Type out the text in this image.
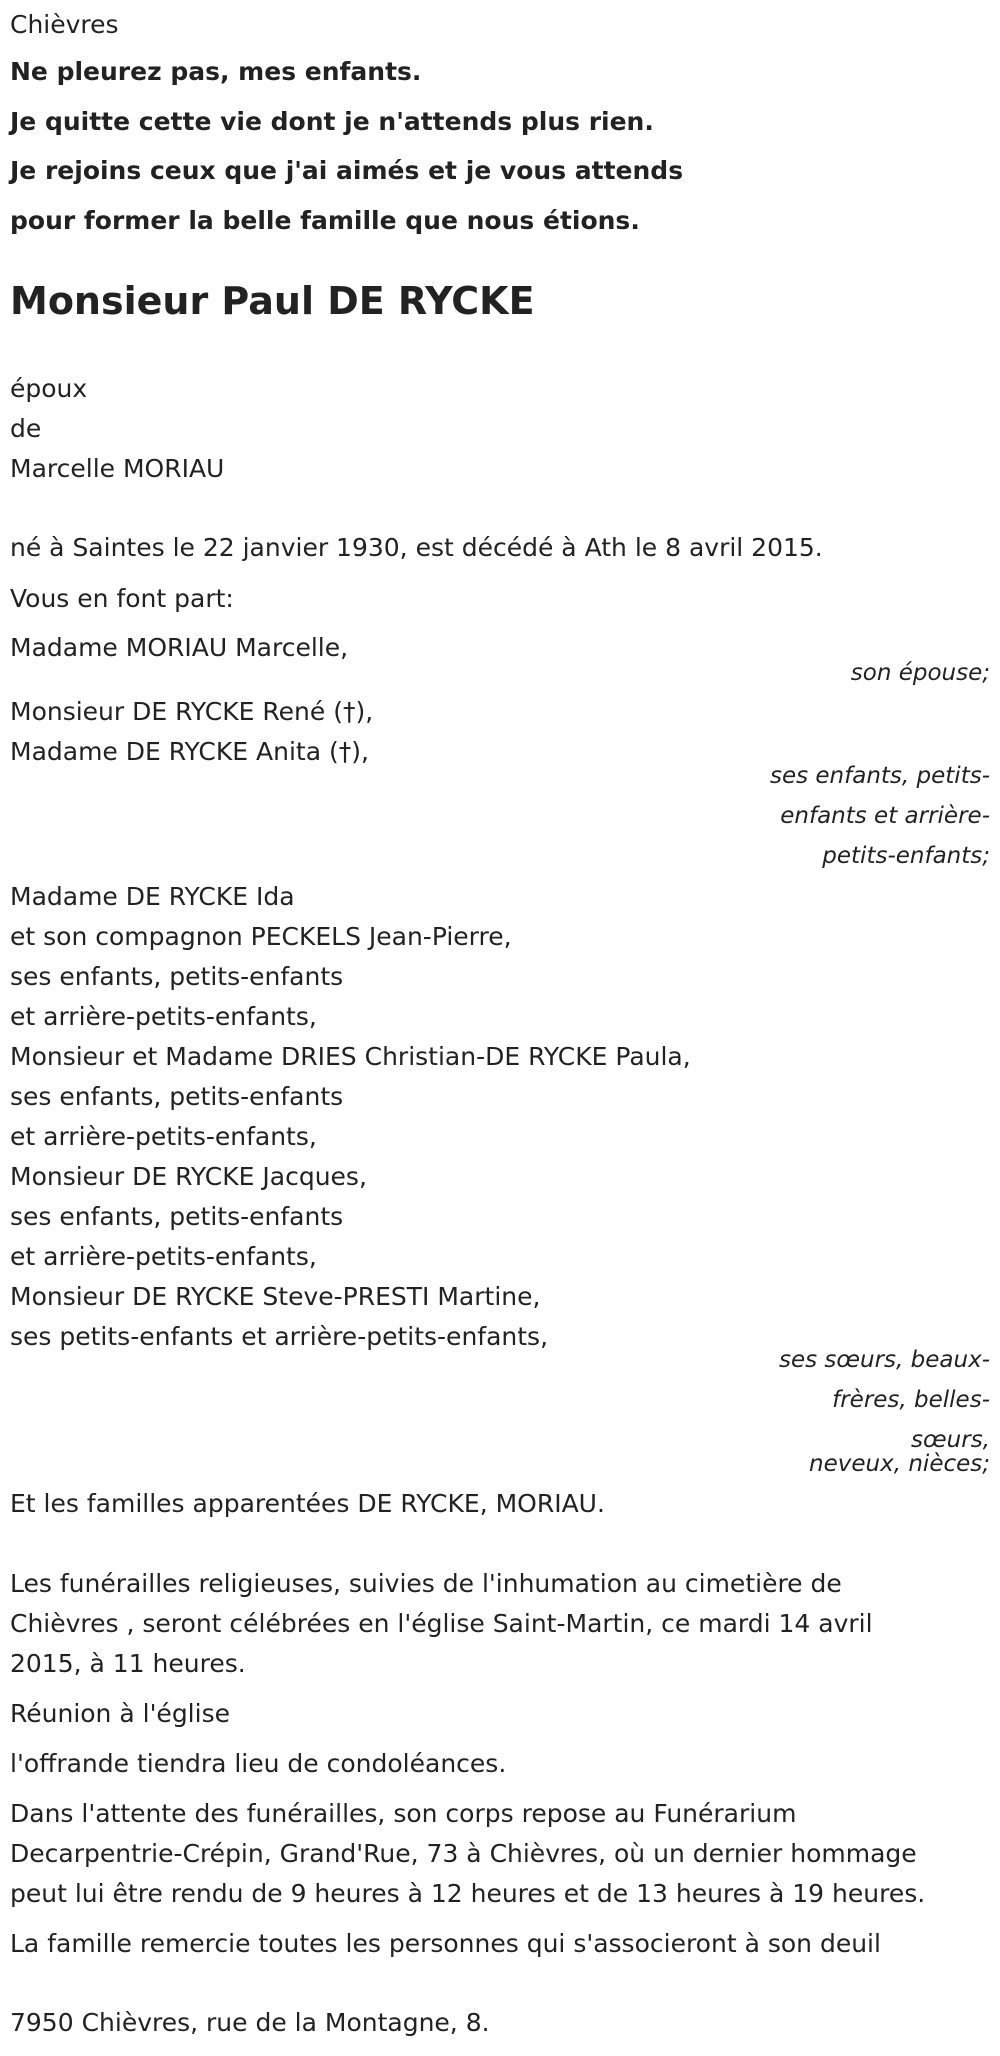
Chièvres
Ne pleurez pas, mes enfants.
Je quitte cette vie dont je n'attends plus rien.
Je rejoins ceux que j'ai aimés et je vous attends
pour former la belle famille que nous étions.
Monsieur Paul DE RYCKE
époux
de
Marcelle MORIAU
né à Saintes le 22 janvier 1930, est décédé à Ath le 8 avril 2015.
Vous en font part:
Madame MORIAU Marcelle,
son épouse;
Monsieur DE RYCKE René (†),
Madame DE RYCKE Anita (†),
ses enfants, petits-
enfants et arrière-
petits-enfants;
Madame DE RYCKE Ida
et son compagnon PECKELS Jean-Pierre,
ses enfants, petits-enfants
et arrière-petits-enfants,
Monsieur et Madame DRIES Christian-DE RYCKE Paula,
ses enfants, petits-enfants
et arrière-petits-enfants,
Monsieur DE RYCKE Jacques,
ses enfants, petits-enfants
et arrière-petits-enfants,
Monsieur DE RYCKE Steve-PRESTI Martine,
ses petits-enfants et arrière-petits-enfants,
ses sœurs, beaux-
frères, belles-
sœurs,
neveux, nièces;
Et les familles apparentées DE RYCKE, MORIAU.
Les funérailles religieuses, suivies de l'inhumation au cimetière de
Chièvres , seront célébrées en l'église Saint-Martin, ce mardi 14 avril
2015, à 11 heures.
Réunion à l'église
l'offrande tiendra lieu de condoléances.
Dans l'attente des funérailles, son corps repose au Funérarium
Decarpentrie-Crépin, Grand'Rue, 73 à Chièvres, où un dernier hommage
peut lui être rendu de 9 heures à 12 heures et de 13 heures à 19 heures.
La famille remercie toutes les personnes qui s'associeront à son deuil
7950 Chièvres, rue de la Montagne, 8.
